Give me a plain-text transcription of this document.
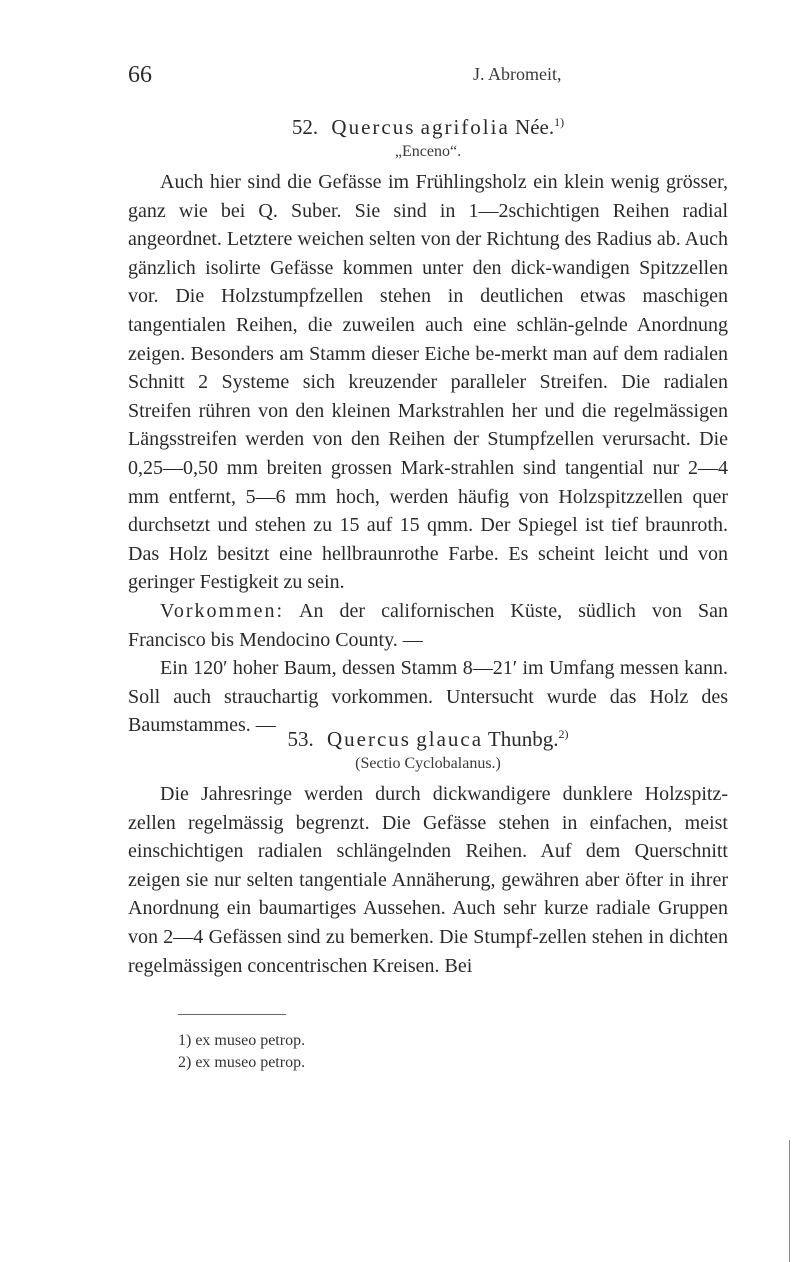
66	J. Abromeit,
52. Quercus agrifolia Née.$^{1)}$
„Enceno“.

Auch hier sind die Gefässe im Frühlingsholz ein klein wenig grösser, ganz wie bei Q. Suber. Sie sind in 1—2schichtigen Reihen radial angeordnet. Letztere weichen selten von der Richtung des Radius ab. Auch gänzlich isolirte Gefässe kommen unter den dick-wandigen Spitzzellen vor. Die Holzstumpfzellen stehen in deutlichen etwas maschigen tangentialen Reihen, die zuweilen auch eine schlän-gelnde Anordnung zeigen. Besonders am Stamm dieser Eiche be-merkt man auf dem radialen Schnitt 2 Systeme sich kreuzender paralleler Streifen. Die radialen Streifen rühren von den kleinen Markstrahlen her und die regelmässigen Längsstreifen werden von den Reihen der Stumpfzellen verursacht. Die 0,25—0,50 mm breiten grossen Mark-strahlen sind tangential nur 2—4 mm entfernt, 5—6 mm hoch, werden häufig von Holzspitzzellen quer durchsetzt und stehen zu 15 auf 15 qmm. Der Spiegel ist tief braunroth. Das Holz besitzt eine hellbraunrothe Farbe. Es scheint leicht und von geringer Festigkeit zu sein.

Vorkommen: An der californischen Küste, südlich von San Francisco bis Mendocino County. —

Ein 120′ hoher Baum, dessen Stamm 8—21′ im Umfang messen kann. Soll auch strauchartig vorkommen. Untersucht wurde das Holz des Baumstammes. —

53. Quercus glauca Thunbg.$^{2)}$
(Sectio Cyclobalanus.)

Die Jahresringe werden durch dickwandigere dunklere Holzspitz-zellen regelmässig begrenzt. Die Gefässe stehen in einfachen, meist einschichtigen radialen schlängelnden Reihen. Auf dem Querschnitt zeigen sie nur selten tangentiale Annäherung, gewähren aber öfter in ihrer Anordnung ein baumartiges Aussehen. Auch sehr kurze radiale Gruppen von 2—4 Gefässen sind zu bemerken. Die Stumpf-zellen stehen in dichten regelmässigen concentrischen Kreisen. Bei

1) ex museo petrop.
2) ex museo petrop.
